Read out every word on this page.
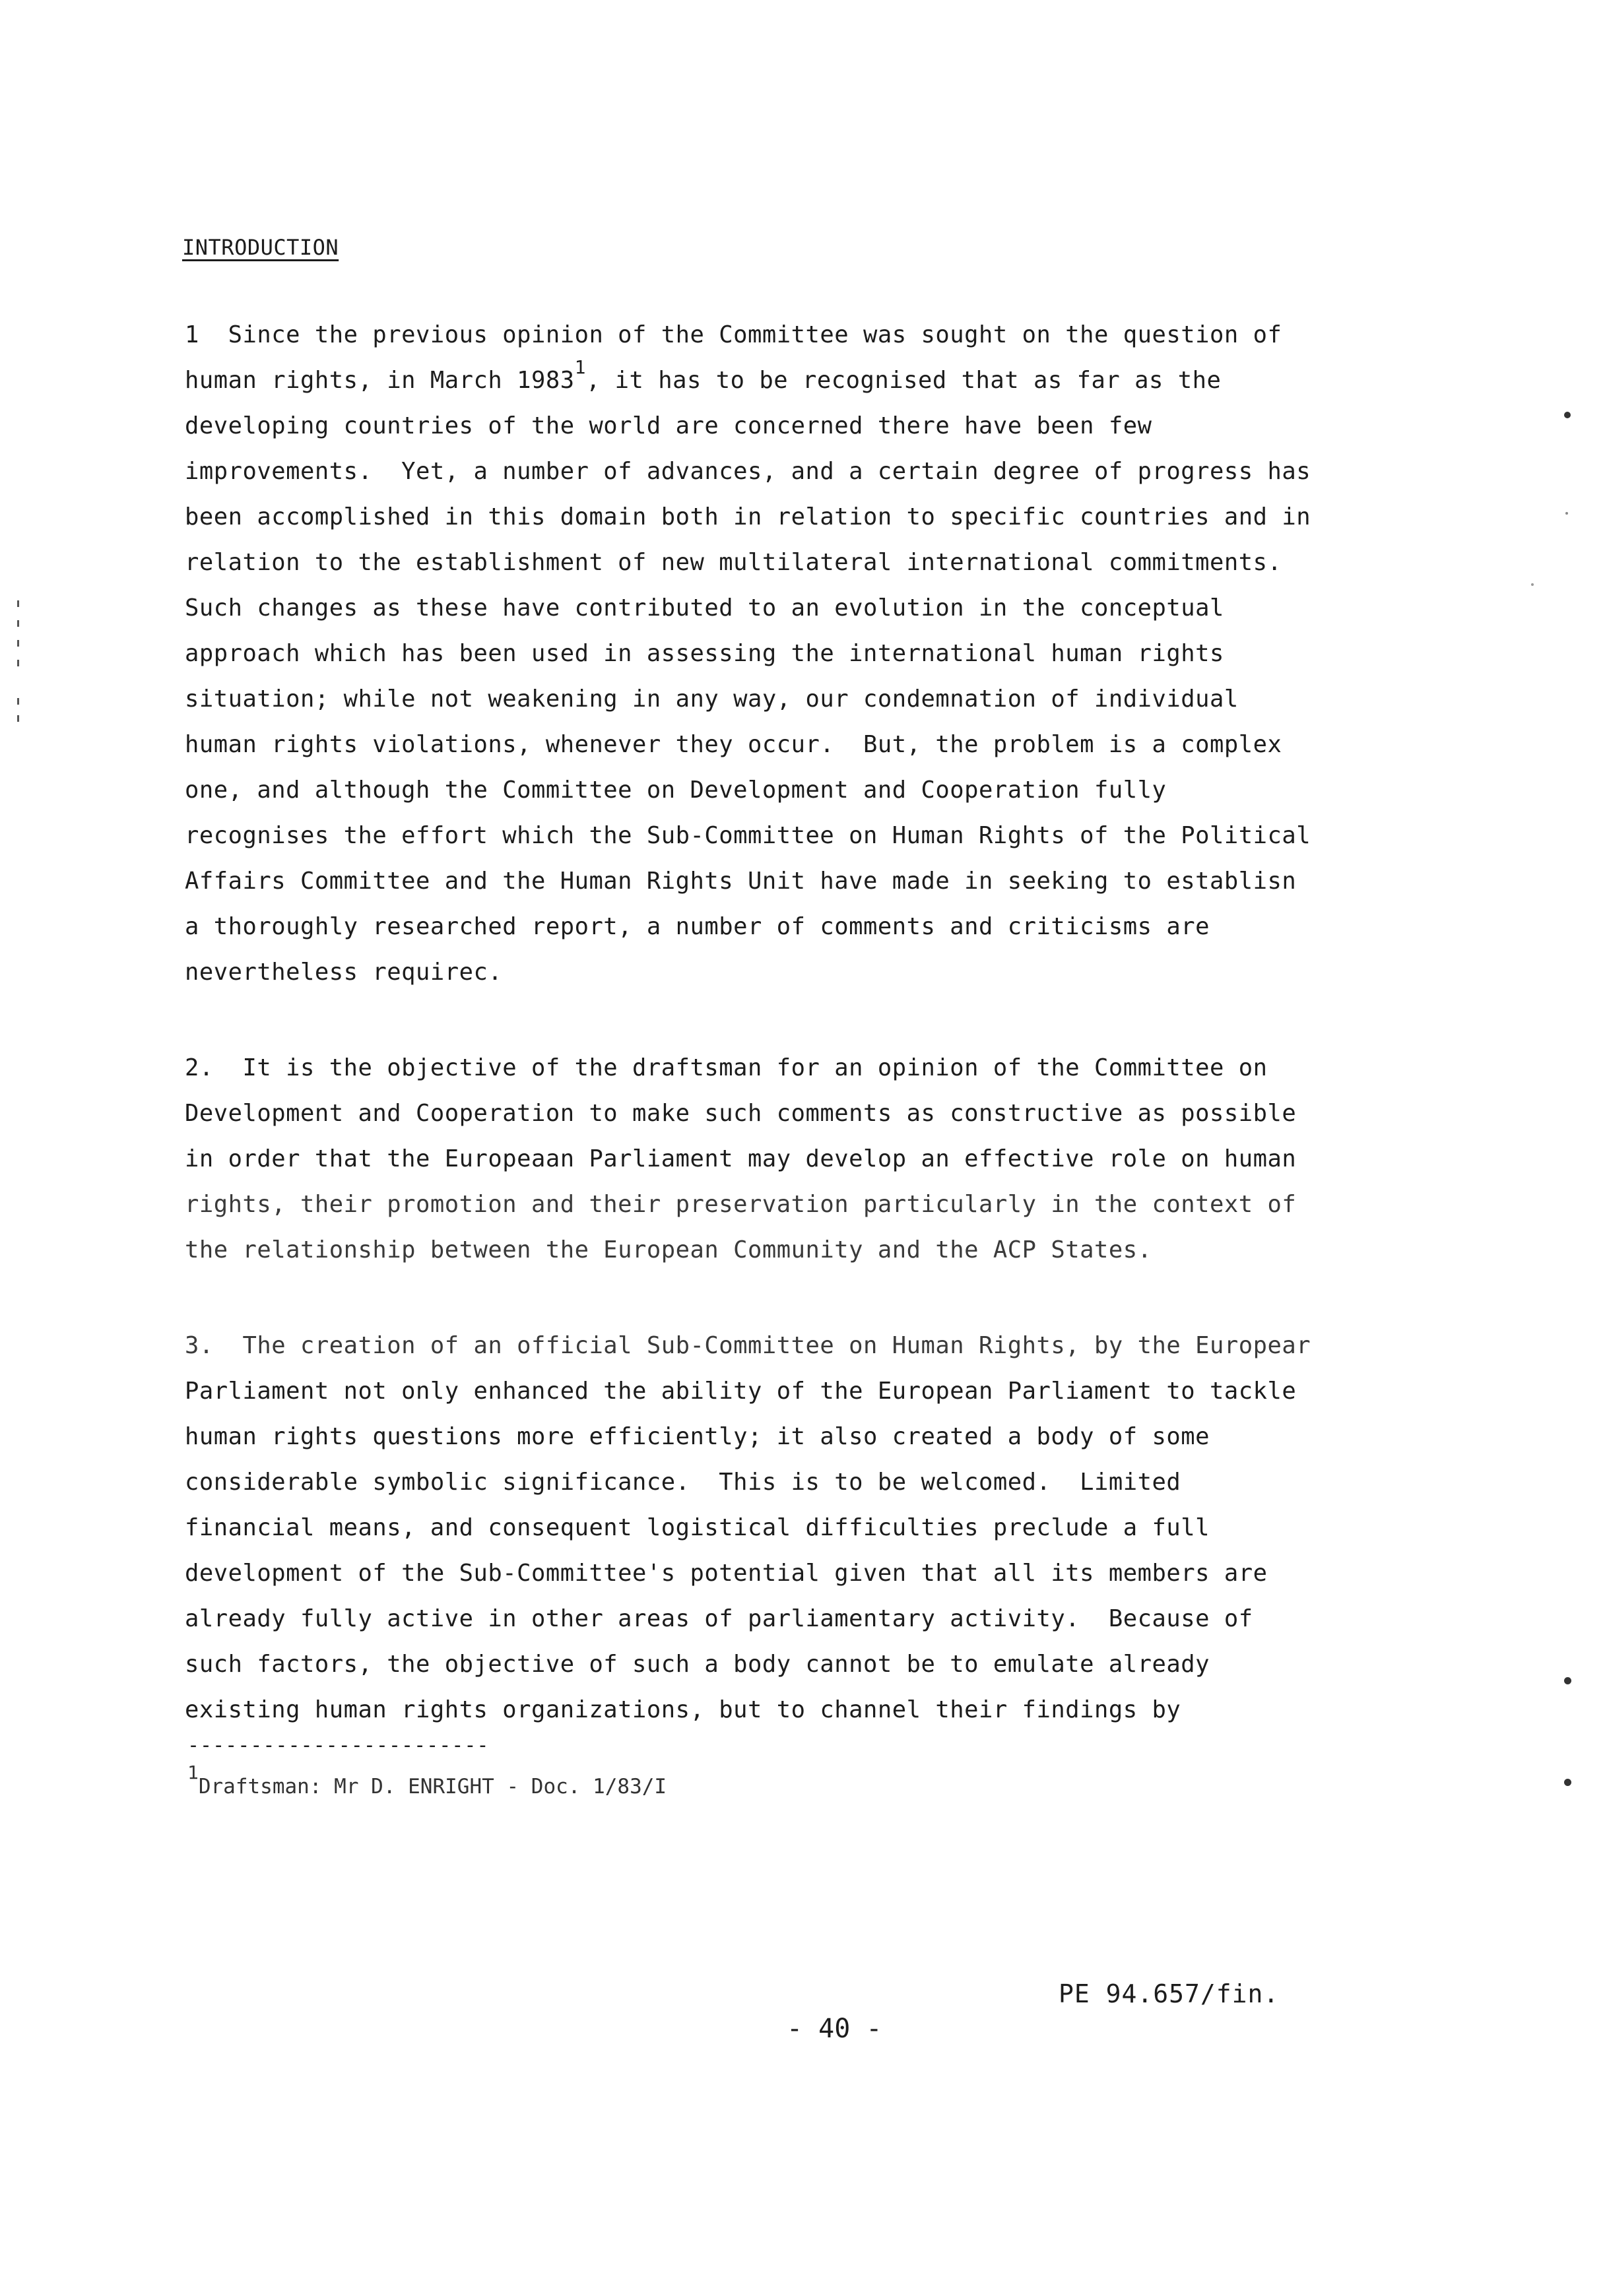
INTRODUCTION
1  Since the previous opinion of the Committee was sought on the question of
human rights, in March 1983$^1$, it has to be recognised that as far as the
developing countries of the world are concerned there have been few
improvements.  Yet, a number of advances, and a certain degree of progress has
been accomplished in this domain both in relation to specific countries and in
relation to the establishment of new multilateral international commitments.
Such changes as these have contributed to an evolution in the conceptual
approach which has been used in assessing the international human rights
situation; while not weakening in any way, our condemnation of individual
human rights violations, whenever they occur.  But, the problem is a complex
one, and although the Committee on Development and Cooperation fully
recognises the effort which the Sub-Committee on Human Rights of the Political
Affairs Committee and the Human Rights Unit have made in seeking to establisn
a thoroughly researched report, a number of comments and criticisms are
nevertheless requirec.
2.  It is the objective of the draftsman for an opinion of the Committee on
Development and Cooperation to make such comments as constructive as possible
in order that the Europeaan Parliament may develop an effective role on human
rights, their promotion and their preservation particularly in the context of
the relationship between the European Community and the ACP States.
3.  The creation of an official Sub-Committee on Human Rights, by the Europear
Parliament not only enhanced the ability of the European Parliament to tackle
human rights questions more efficiently; it also created a body of some
considerable symbolic significance.  This is to be welcomed.  Limited
financial means, and consequent logistical difficulties preclude a full
development of the Sub-Committee's potential given that all its members are
already fully active in other areas of parliamentary activity.  Because of
such factors, the objective of such a body cannot be to emulate already
existing human rights organizations, but to channel their findings by
------------------------
1Draftsman: Mr D. ENRIGHT - Doc. 1/83/I
PE 94.657/fin.
- 40 -
